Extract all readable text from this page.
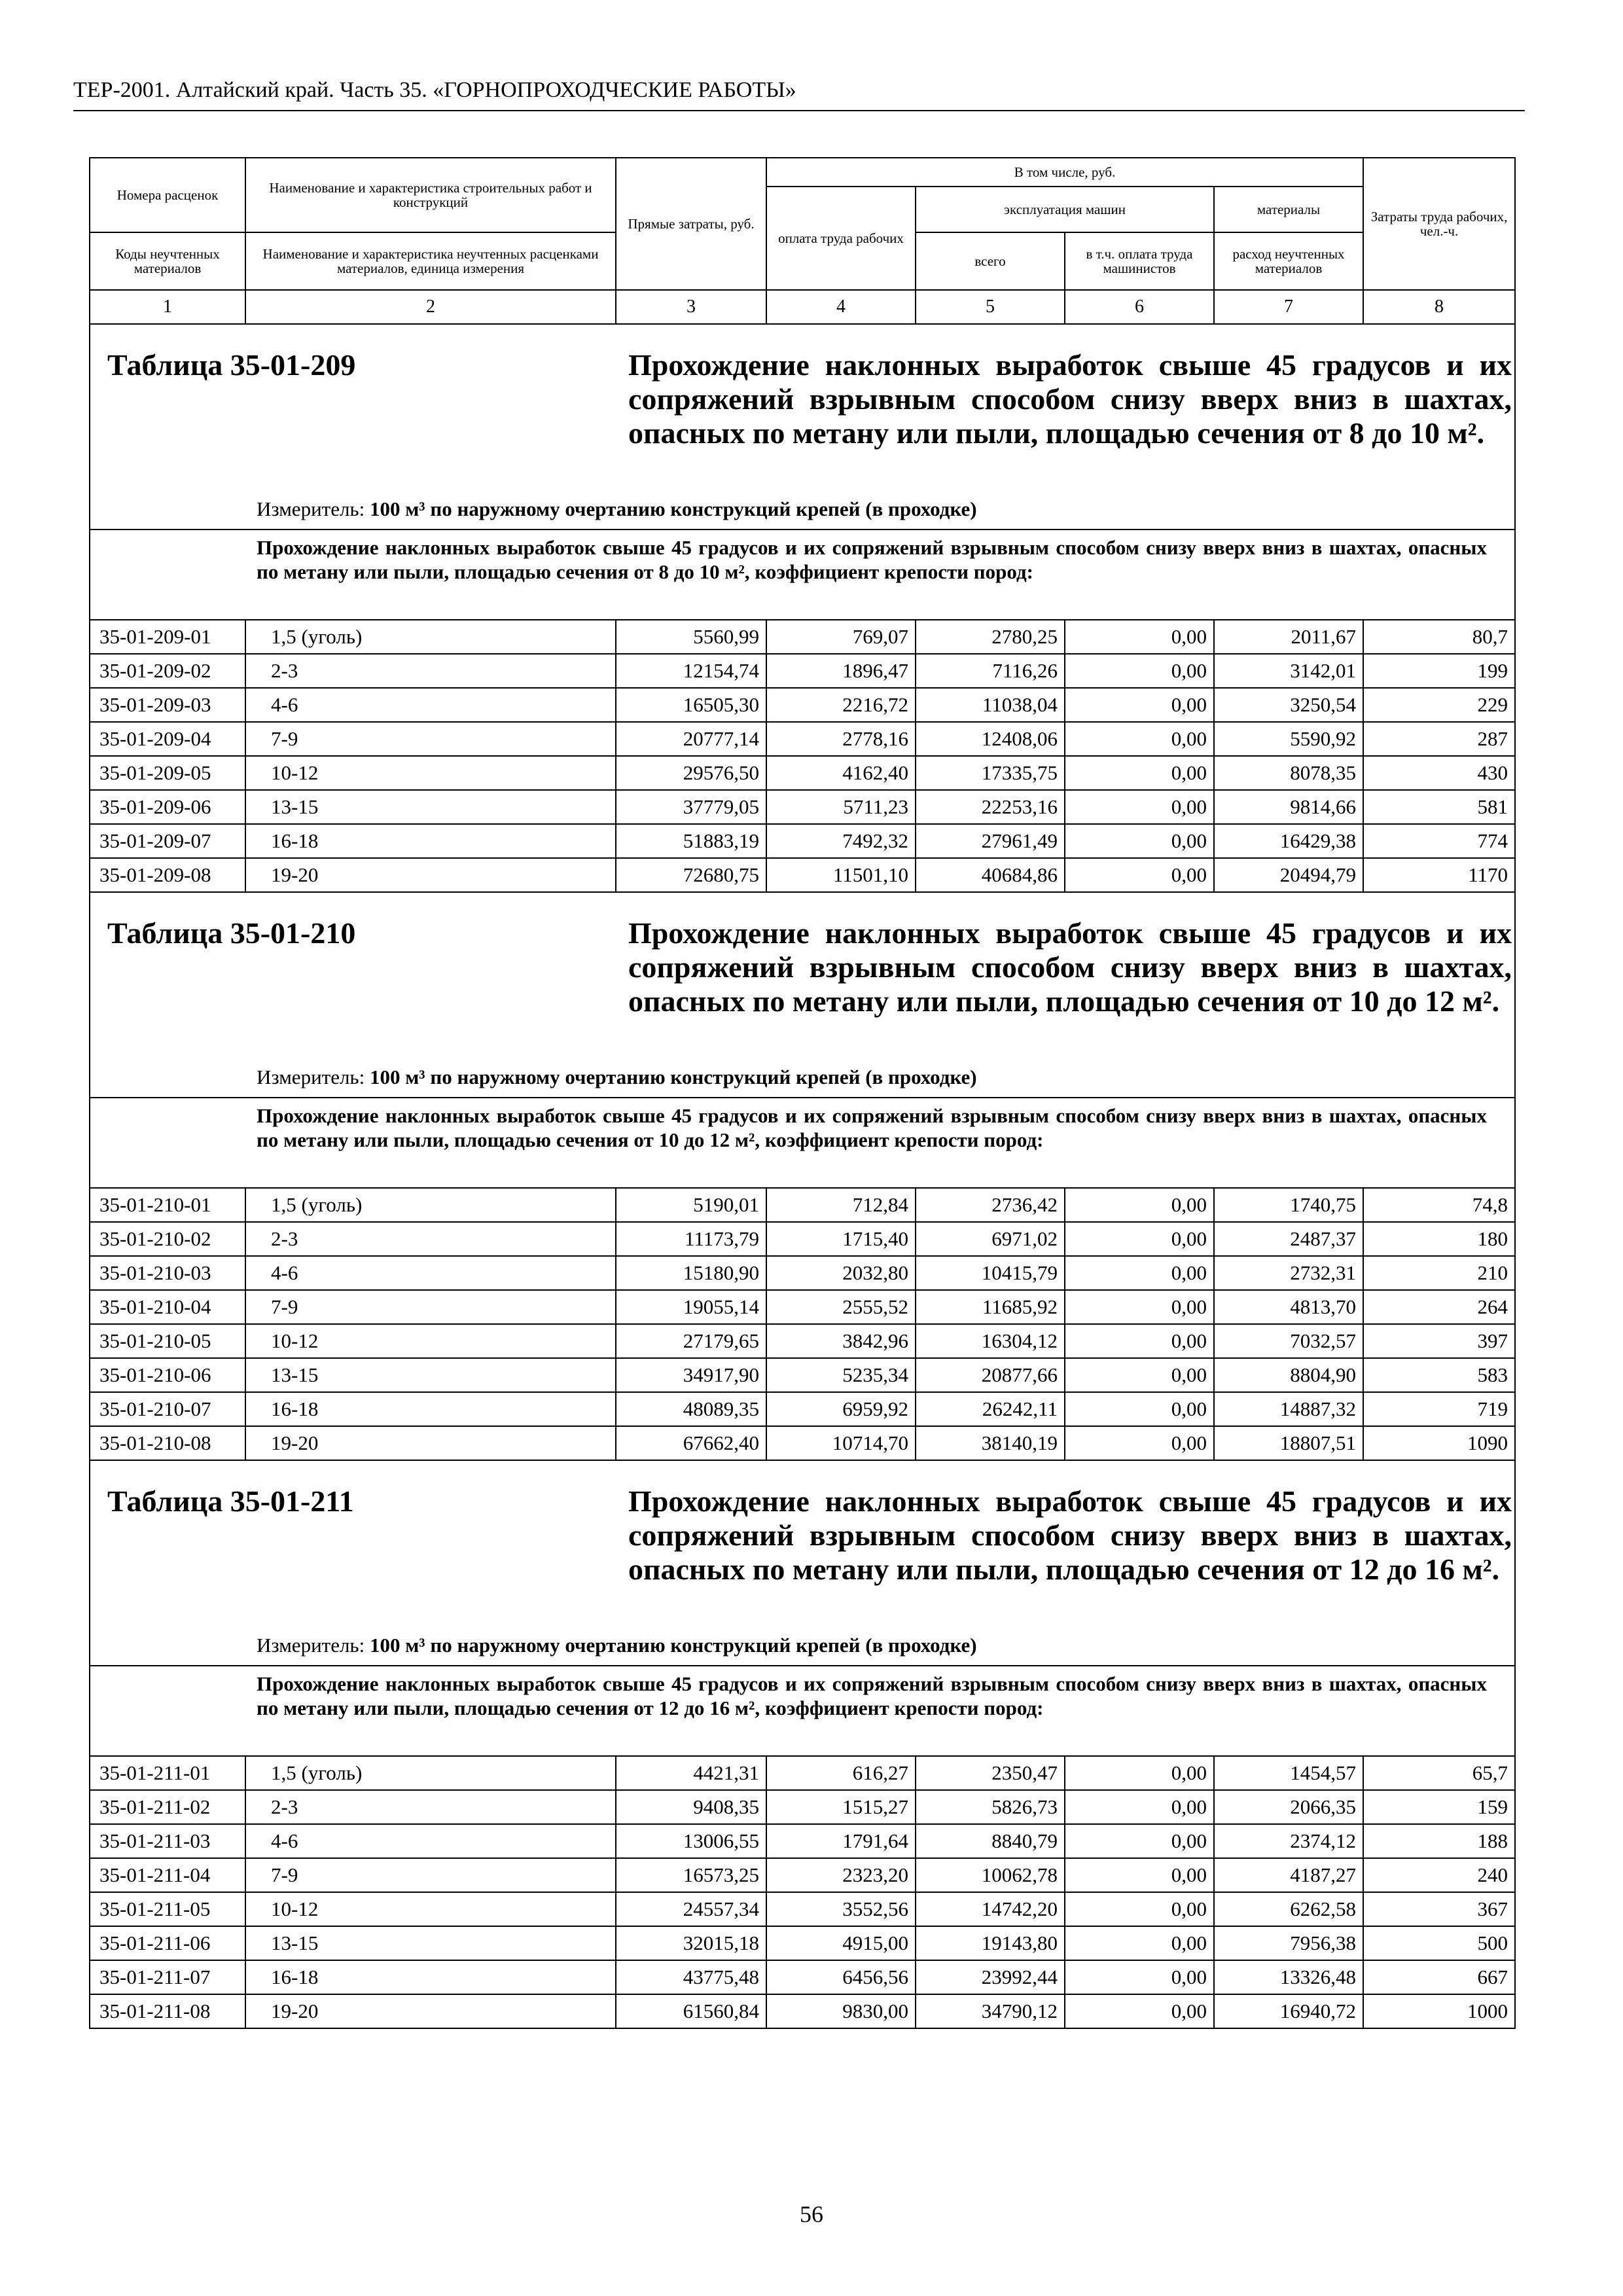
ТЕР-2001. Алтайский край. Часть 35. «ГОРНОПРОХОДЧЕСКИЕ РАБОТЫ»
Номера расценок	Наименование и характеристика строительных работ и конструкций	Прямые затраты, руб.	В том числе, руб.				Затраты труда рабочих, чел.-ч.
			оплата труда рабочих	эксплуатация машин		материалы	
Коды неучтенных материалов	Наименование и характеристика неучтенных расценками материалов, единица измерения			всего	в т.ч. оплата труда машинистов	расход неучтенных материалов	
1	2	3	4	5	6	7	8

Таблица 35-01-209 Прохождение наклонных выработок свыше 45 градусов и их сопряжений взрывным способом снизу вверх вниз в шахтах, опасных по метану или пыли, площадью сечения от 8 до 10 м².
Измеритель: 100 м³ по наружному очертанию конструкций крепей (в проходке)							

Прохождение наклонных выработок свыше 45 градусов и их сопряжений взрывным способом снизу вверх вниз в шахтах, опасных по метану или пыли, площадью сечения от 8 до 10 м², коэффициент крепости пород:							

35-01-209-01	1,5 (уголь)	5560,99	769,07	2780,25	0,00	2011,67	80,7
35-01-209-02	2-3	12154,74	1896,47	7116,26	0,00	3142,01	199
35-01-209-03	4-6	16505,30	2216,72	11038,04	0,00	3250,54	229
35-01-209-04	7-9	20777,14	2778,16	12408,06	0,00	5590,92	287
35-01-209-05	10-12	29576,50	4162,40	17335,75	0,00	8078,35	430
35-01-209-06	13-15	37779,05	5711,23	22253,16	0,00	9814,66	581
35-01-209-07	16-18	51883,19	7492,32	27961,49	0,00	16429,38	774
35-01-209-08	19-20	72680,75	11501,10	40684,86	0,00	20494,79	1170

Таблица 35-01-210 Прохождение наклонных выработок свыше 45 градусов и их сопряжений взрывным способом снизу вверх вниз в шахтах, опасных по метану или пыли, площадью сечения от 10 до 12 м².
Измеритель: 100 м³ по наружному очертанию конструкций крепей (в проходке)							

Прохождение наклонных выработок свыше 45 градусов и их сопряжений взрывным способом снизу вверх вниз в шахтах, опасных по метану или пыли, площадью сечения от 10 до 12 м², коэффициент крепости пород:							

35-01-210-01	1,5 (уголь)	5190,01	712,84	2736,42	0,00	1740,75	74,8
35-01-210-02	2-3	11173,79	1715,40	6971,02	0,00	2487,37	180
35-01-210-03	4-6	15180,90	2032,80	10415,79	0,00	2732,31	210
35-01-210-04	7-9	19055,14	2555,52	11685,92	0,00	4813,70	264
35-01-210-05	10-12	27179,65	3842,96	16304,12	0,00	7032,57	397
35-01-210-06	13-15	34917,90	5235,34	20877,66	0,00	8804,90	583
35-01-210-07	16-18	48089,35	6959,92	26242,11	0,00	14887,32	719
35-01-210-08	19-20	67662,40	10714,70	38140,19	0,00	18807,51	1090

Таблица 35-01-211 Прохождение наклонных выработок свыше 45 градусов и их сопряжений взрывным способом снизу вверх вниз в шахтах, опасных по метану или пыли, площадью сечения от 12 до 16 м².
Измеритель: 100 м³ по наружному очертанию конструкций крепей (в проходке)							

Прохождение наклонных выработок свыше 45 градусов и их сопряжений взрывным способом снизу вверх вниз в шахтах, опасных по метану или пыли, площадью сечения от 12 до 16 м², коэффициент крепости пород:							

35-01-211-01	1,5 (уголь)	4421,31	616,27	2350,47	0,00	1454,57	65,7
35-01-211-02	2-3	9408,35	1515,27	5826,73	0,00	2066,35	159
35-01-211-03	4-6	13006,55	1791,64	8840,79	0,00	2374,12	188
35-01-211-04	7-9	16573,25	2323,20	10062,78	0,00	4187,27	240
35-01-211-05	10-12	24557,34	3552,56	14742,20	0,00	6262,58	367
35-01-211-06	13-15	32015,18	4915,00	19143,80	0,00	7956,38	500
35-01-211-07	16-18	43775,48	6456,56	23992,44	0,00	13326,48	667
35-01-211-08	19-20	61560,84	9830,00	34790,12	0,00	16940,72	1000
56
